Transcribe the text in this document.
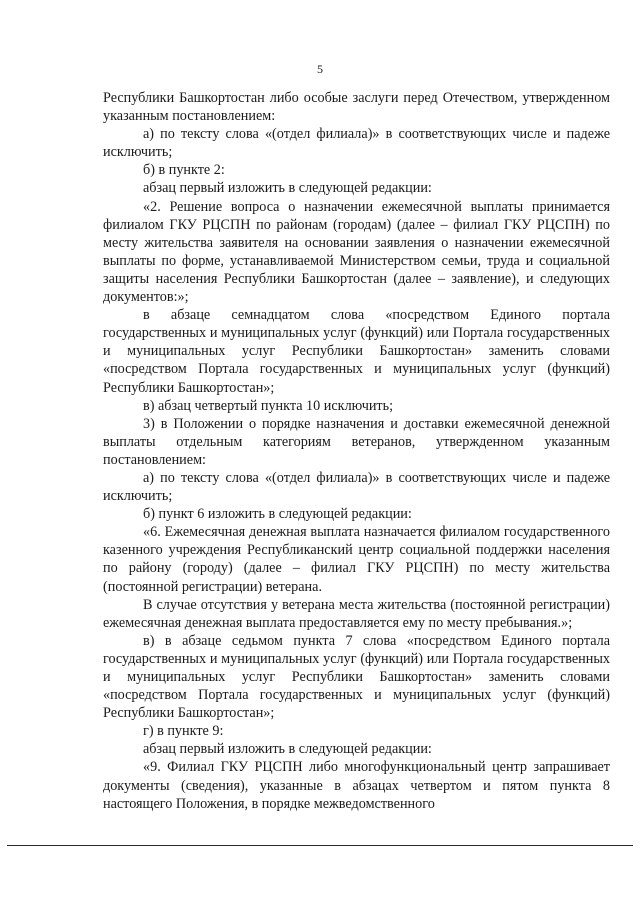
5

Республики Башкортостан либо особые заслуги перед Отечеством, утвержденном указанным постановлением:

а) по тексту слова «(отдел филиала)» в соответствующих числе и падеже исключить;

б) в пункте 2:

абзац первый изложить в следующей редакции:

«2. Решение вопроса о назначении ежемесячной выплаты принимается филиалом ГКУ РЦСПН по районам (городам) (далее – филиал ГКУ РЦСПН) по месту жительства заявителя на основании заявления о назначении ежемесячной выплаты по форме, устанавливаемой Министерством семьи, труда и социальной защиты населения Республики Башкортостан (далее – заявление), и следующих документов:»;

в абзаце семнадцатом слова «посредством Единого портала государственных и муниципальных услуг (функций) или Портала государственных и муниципальных услуг Республики Башкортостан» заменить словами «посредством Портала государственных и муниципальных услуг (функций) Республики Башкортостан»;

в) абзац четвертый пункта 10 исключить;

3) в Положении о порядке назначения и доставки ежемесячной денежной выплаты отдельным категориям ветеранов, утвержденном указанным постановлением:

а) по тексту слова «(отдел филиала)» в соответствующих числе и падеже исключить;

б) пункт 6 изложить в следующей редакции:

«6. Ежемесячная денежная выплата назначается филиалом государственного казенного учреждения Республиканский центр социальной поддержки населения по району (городу) (далее – филиал ГКУ РЦСПН) по месту жительства (постоянной регистрации) ветерана.

В случае отсутствия у ветерана места жительства (постоянной регистрации) ежемесячная денежная выплата предоставляется ему по месту пребывания.»;

в) в абзаце седьмом пункта 7 слова «посредством Единого портала государственных и муниципальных услуг (функций) или Портала государственных и муниципальных услуг Республики Башкортостан» заменить словами «посредством Портала государственных и муниципальных услуг (функций) Республики Башкортостан»;

г) в пункте 9:

абзац первый изложить в следующей редакции:

«9. Филиал ГКУ РЦСПН либо многофункциональный центр запрашивает документы (сведения), указанные в абзацах четвертом и пятом пункта 8 настоящего Положения, в порядке межведомственного
